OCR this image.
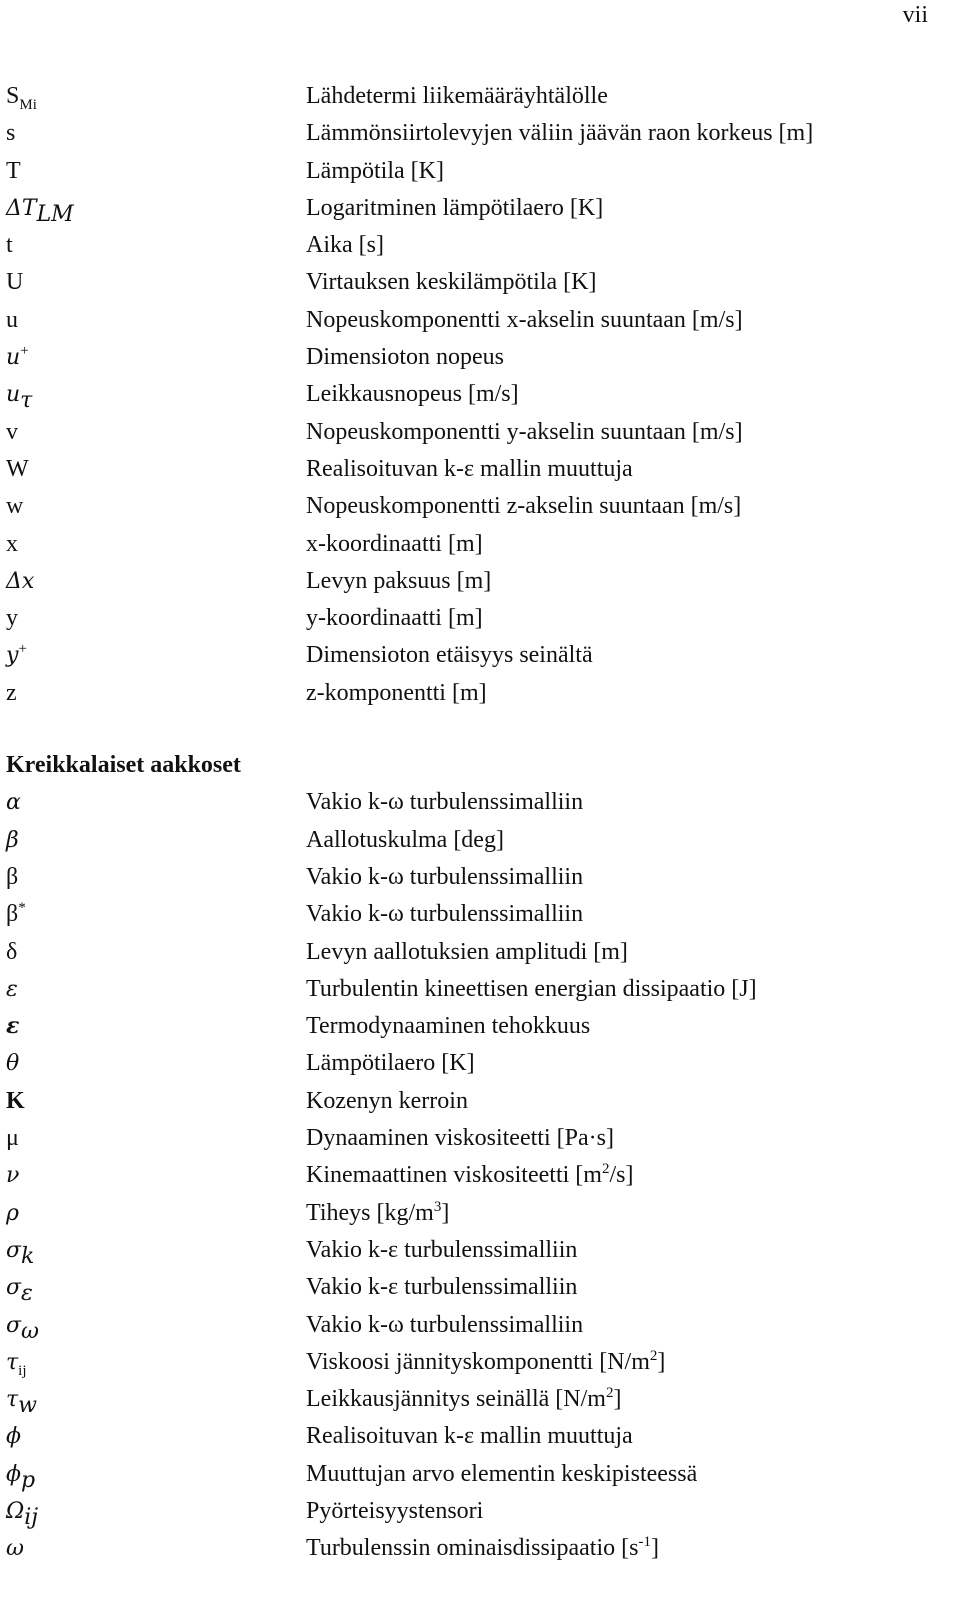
vii
$S_{Mi}$	Lähdetermi liikemääräyhtälölle
s	Lämmönsiirtolevyjen väliin jäävän raon korkeus [m]
T	Lämpötila [K]
$\Delta T_{LM}$	Logaritminen lämpötilaero [K]
t	Aika [s]
U	Virtauksen keskilämpötila [K]
u	Nopeuskomponentti x-akselin suuntaan [m/s]
u+	Dimensioton nopeus
$u_\tau$	Leikkausnopeus [m/s]
v	Nopeuskomponentti y-akselin suuntaan [m/s]
W	Realisoituvan k-ε mallin muuttuja
w	Nopeuskomponentti z-akselin suuntaan [m/s]
x	x-koordinaatti [m]
Δx	Levyn paksuus [m]
y	y-koordinaatti [m]
y+	Dimensioton etäisyys seinältä
z	z-komponentti [m]
Kreikkalaiset aakkoset
α	Vakio k-ω turbulenssimalliin
β	Aallotuskulma [deg]
β	Vakio k-ω turbulenssimalliin
β*	Vakio k-ω turbulenssimalliin
δ	Levyn aallotuksien amplitudi [m]
ε	Turbulentin kineettisen energian dissipaatio [J]
ε	Termodynaaminen tehokkuus
θ	Lämpötilaero [K]
K	Kozenyn kerroin
μ	Dynaaminen viskositeetti [Pa·s]
ν	Kinemaattinen viskositeetti $[m^2/s]$
ρ	Tiheys $[kg/m^3]$
$\sigma_k$	Vakio k-ε turbulenssimalliin
$\sigma_\varepsilon$	Vakio k-ε turbulenssimalliin
$\sigma_\omega$	Vakio k-ω turbulenssimalliin
$\tau_{ij}$	Viskoosi jännityskomponentti $[N/m^2]$
$\tau_w$	Leikkausjännitys seinällä $[N/m^2]$
ϕ	Realisoituvan k-ε mallin muuttuja
$\phi_p$	Muuttujan arvo elementin keskipisteessä
$\Omega_{ij}$	Pyörteisyystensori
ω	Turbulenssin ominaisdissipaatio $[s^{-1}]$
